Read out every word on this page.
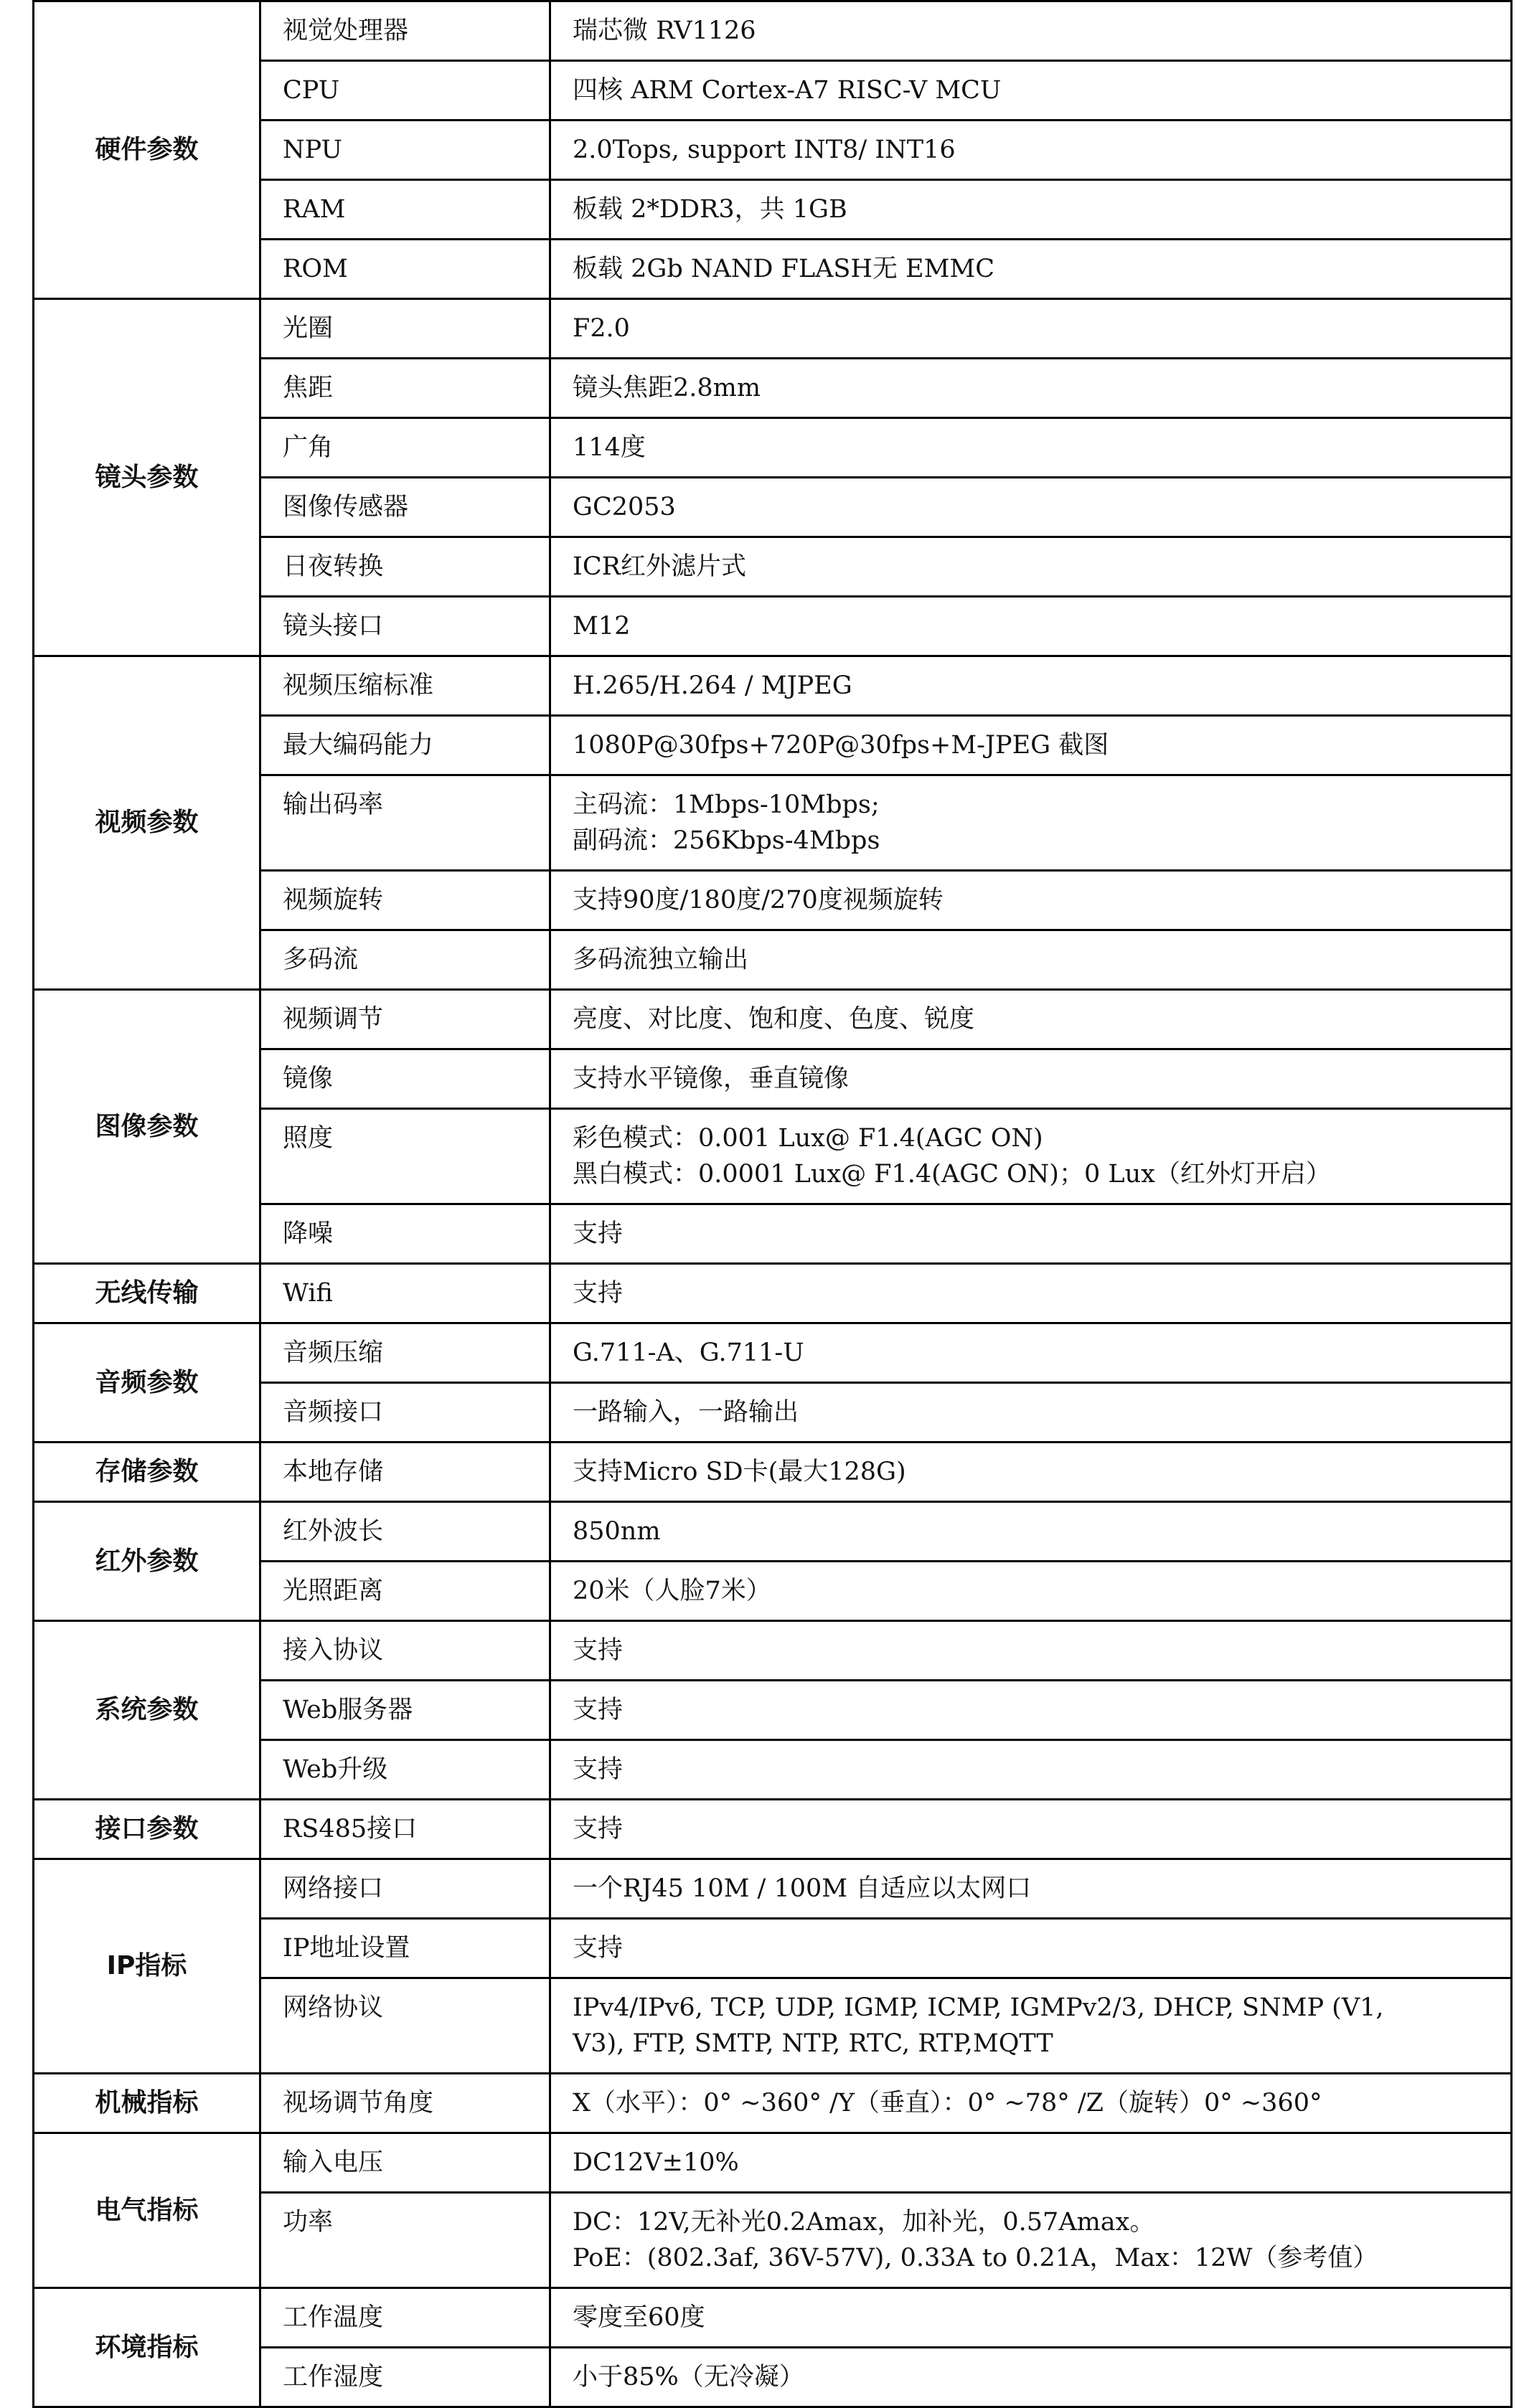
硬件参数	视觉处理器	瑞芯微 RV1126
	CPU	四核 ARM Cortex-A7 RISC-V MCU
	NPU	2.0Tops, support INT8/ INT16
	RAM	板载 2*DDR3，共 1GB
	ROM	板载 2Gb NAND FLASH无 EMMC
镜头参数	光圈	F2.0
	焦距	镜头焦距2.8mm
	广角	114度
	图像传感器	GC2053
	日夜转换	ICR红外滤片式
	镜头接口	M12
视频参数	视频压缩标准	H.265/H.264 / MJPEG
	最大编码能力	1080P@30fps+720P@30fps+M-JPEG 截图
	输出码率	主码流：1Mbps-10Mbps;
副码流：256Kbps-4Mbps
	视频旋转	支持90度/180度/270度视频旋转
	多码流	多码流独立输出
图像参数	视频调节	亮度、对比度、饱和度、色度、锐度
	镜像	支持水平镜像，垂直镜像
	照度	彩色模式：0.001 Lux@ F1.4(AGC ON)
黑白模式：0.0001 Lux@ F1.4(AGC ON)；0 Lux（红外灯开启）
	降噪	支持
无线传输	Wifi	支持
音频参数	音频压缩	G.711-A、G.711-U
	音频接口	一路输入，一路输出
存储参数	本地存储	支持Micro SD卡(最大128G)
红外参数	红外波长	850nm
	光照距离	20米（人脸7米）
系统参数	接入协议	支持
	Web服务器	支持
	Web升级	支持
接口参数	RS485接口	支持
IP指标	网络接口	一个RJ45 10M / 100M 自适应以太网口
	IP地址设置	支持
	网络协议	IPv4/IPv6, TCP, UDP, IGMP, ICMP, IGMPv2/3, DHCP, SNMP (V1,
V3), FTP, SMTP, NTP, RTC, RTP,MQTT
机械指标	视场调节角度	X（水平）：0° ~360° /Y（垂直）：0° ~78° /Z（旋转）0° ~360°
电气指标	输入电压	DC12V±10%
	功率	DC：12V,无补光0.2Amax，加补光，0.57Amax。
PoE：(802.3af, 36V-57V), 0.33A to 0.21A，Max：12W（参考值）
环境指标	工作温度	零度至60度
	工作湿度	小于85%（无冷凝）
